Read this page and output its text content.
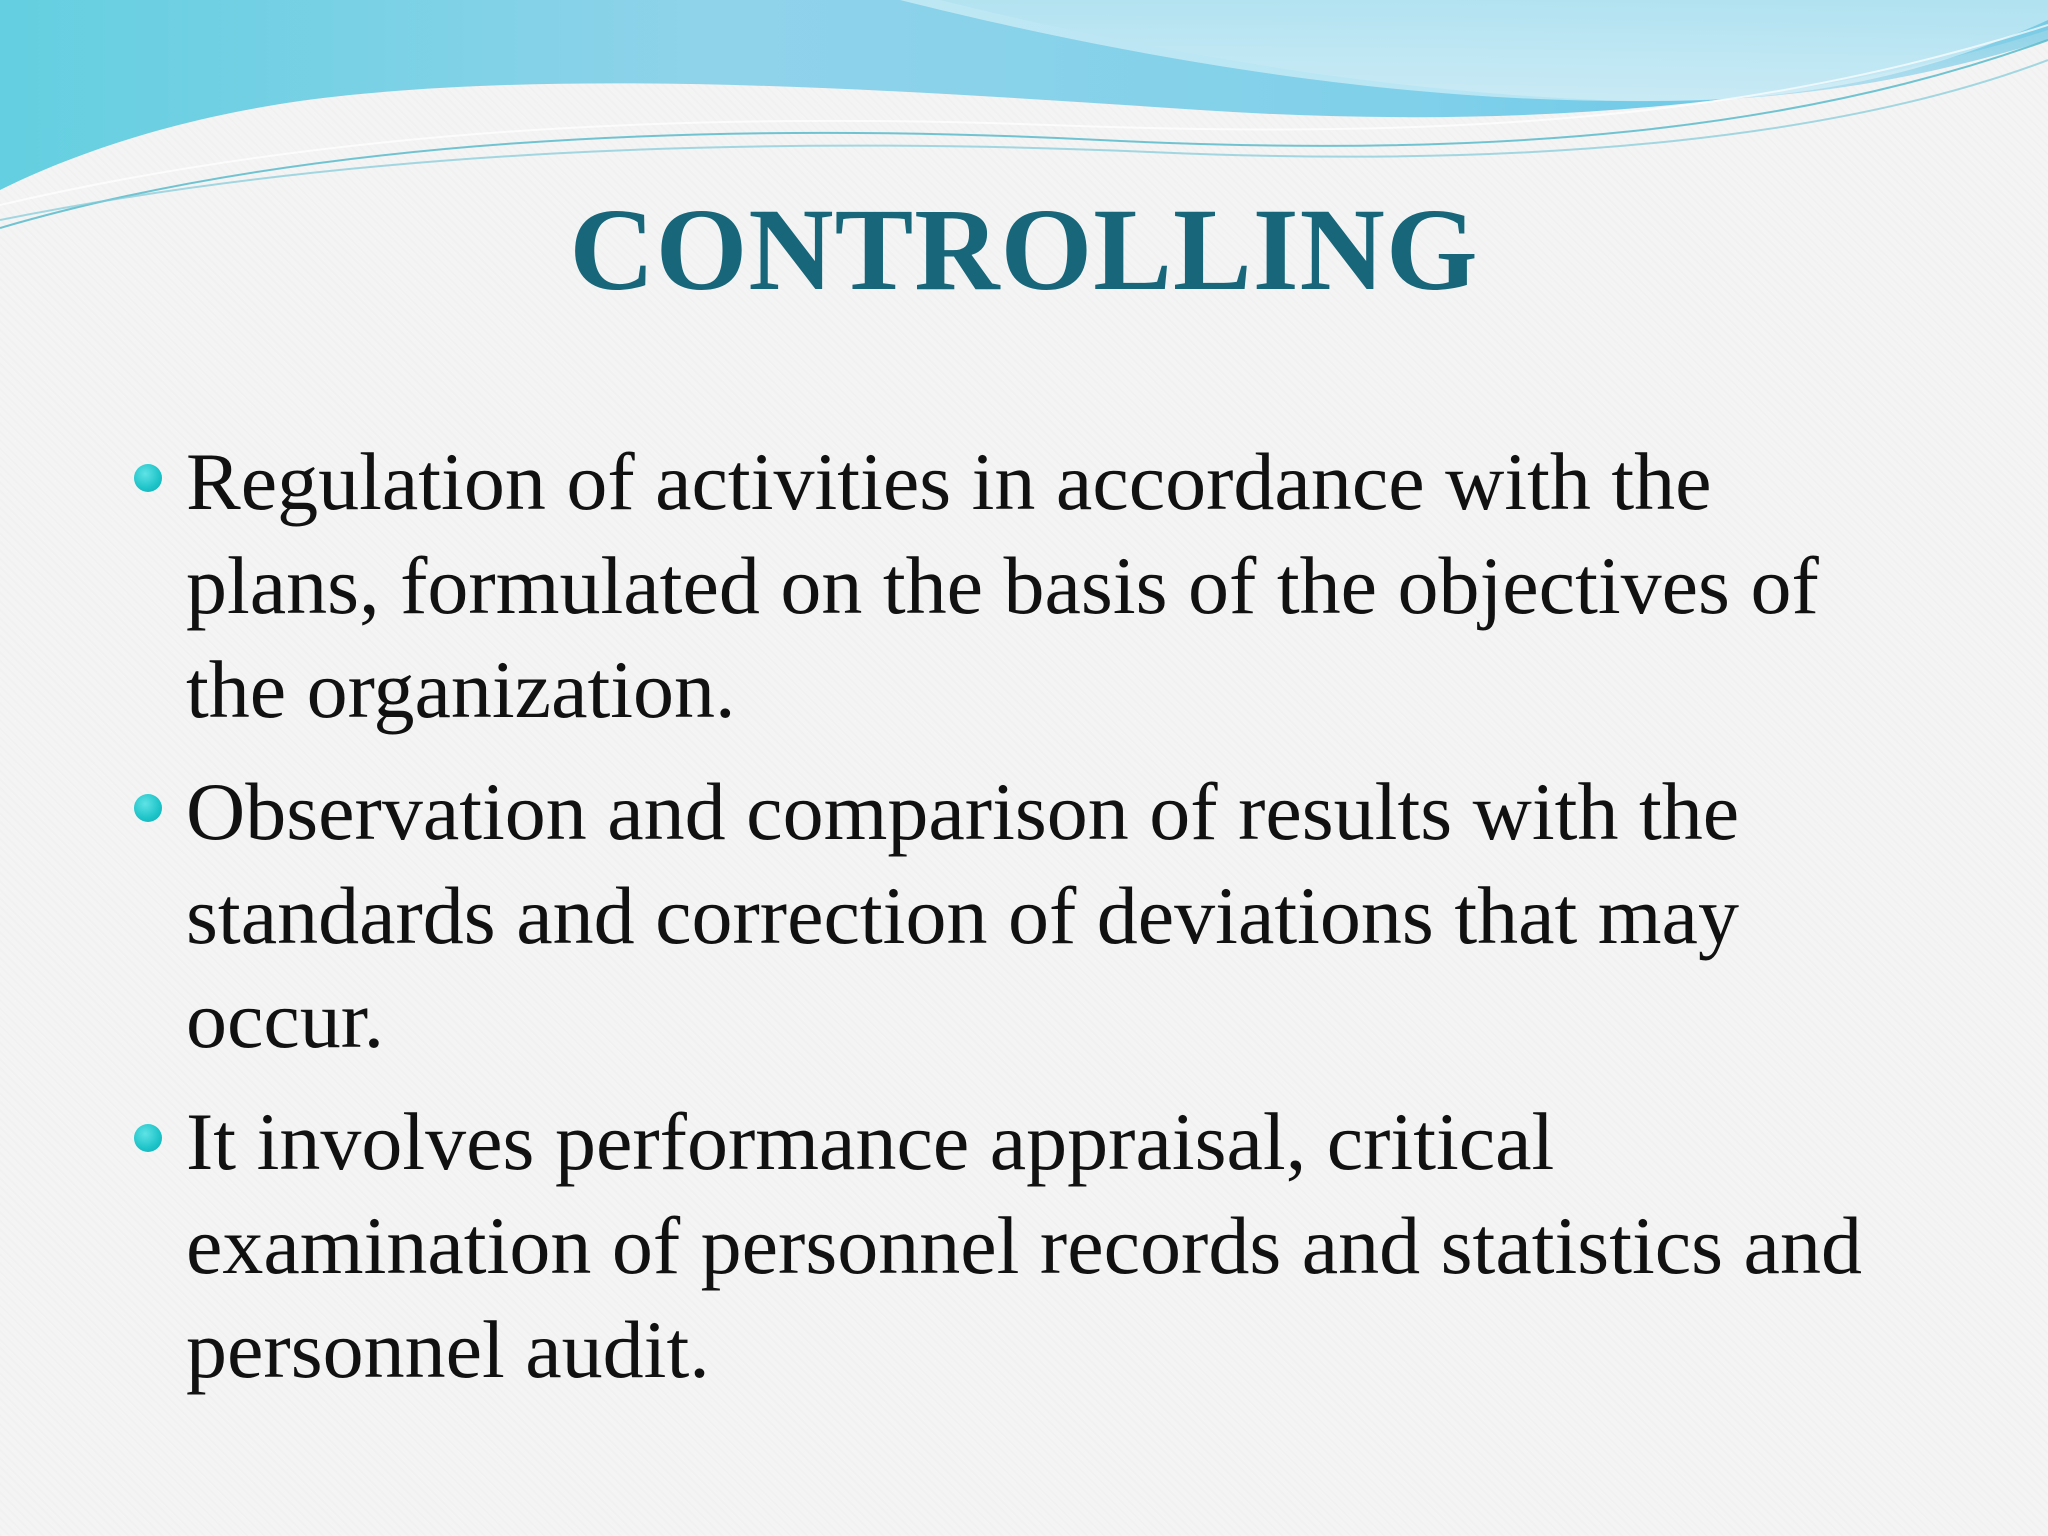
CONTROLLING
Regulation of activities in accordance with the plans, formulated on the basis of the objectives of the organization.
Observation and comparison of results with the standards and correction of deviations that may occur.
It involves performance appraisal, critical examination of personnel records and statistics and personnel audit.
